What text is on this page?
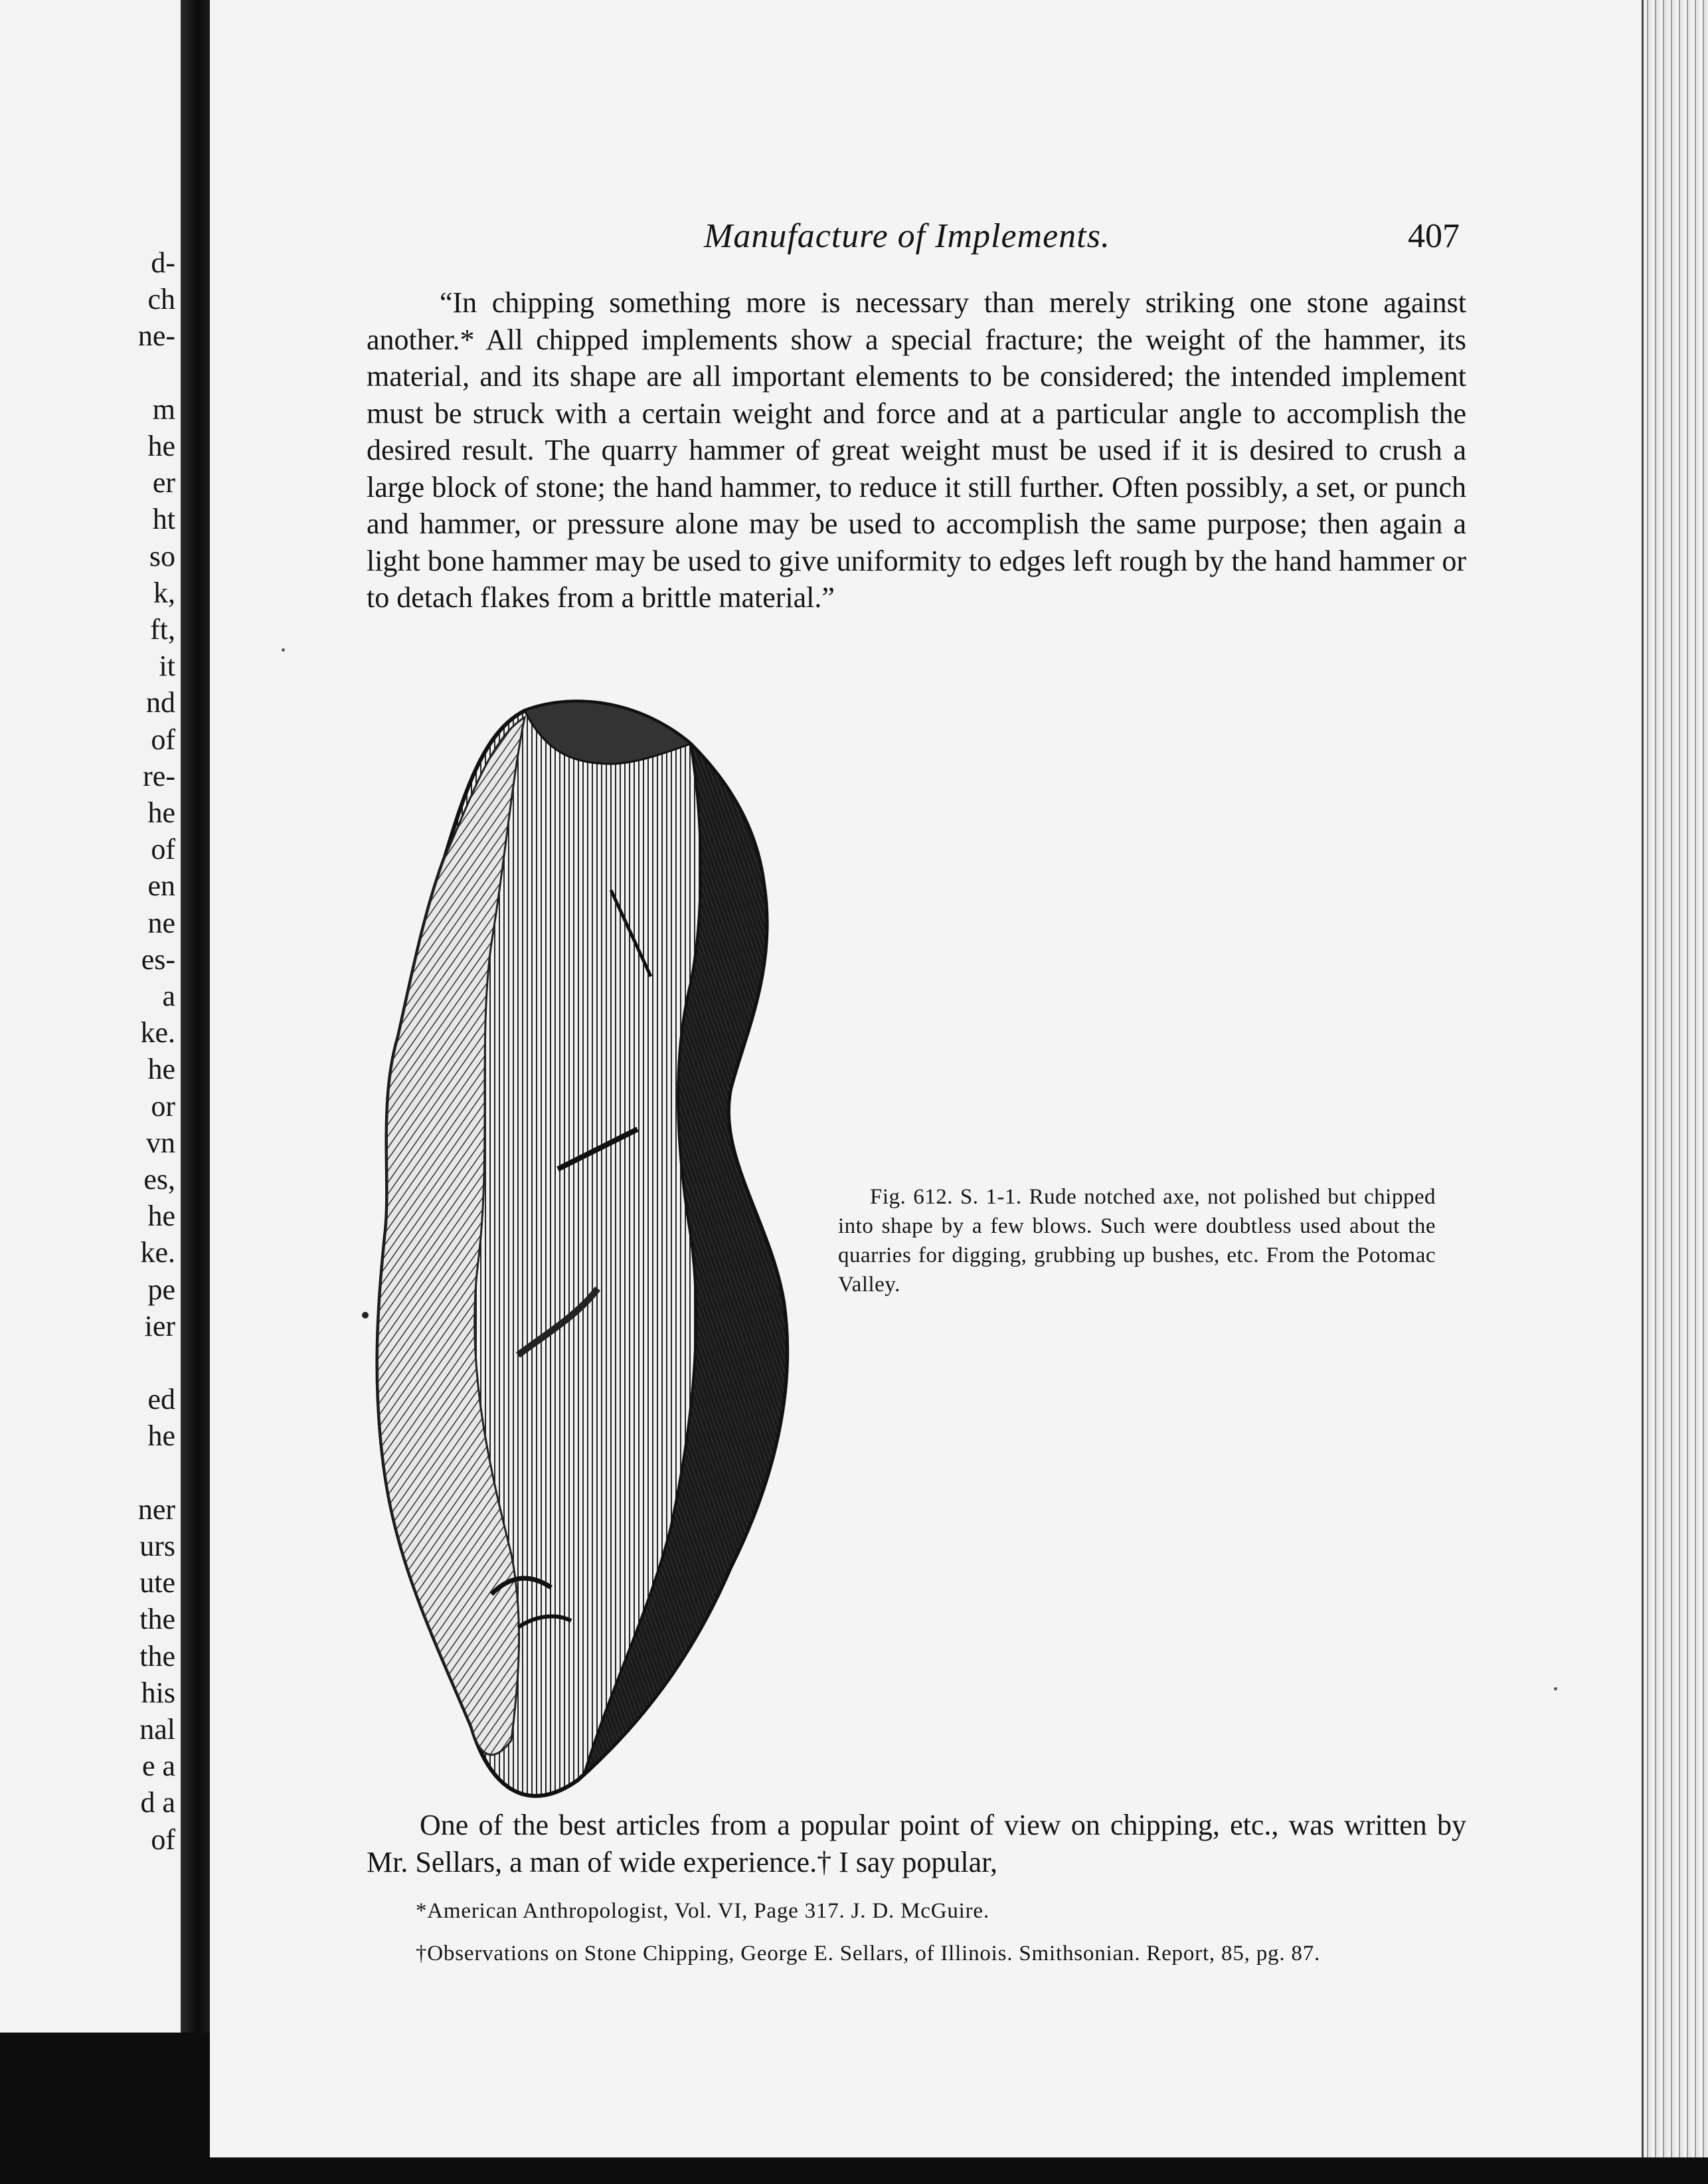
d-
ch
ne-
m
he
er
ht
so
k,
ft,
it
nd
of
re-
he
of
en
ne
es-
a
ke.
he
or
vn
es,
he
ke.
pe
ier
ed
he
ner
urs
ute
the
the
his
nal
e a
d a
of
Manufacture of Implements.	407

“In chipping something more is necessary than merely striking one stone against another.* All chipped implements show a special fracture; the weight of the hammer, its material, and its shape are all important elements to be considered; the intended implement must be struck with a certain weight and force and at a particular angle to accomplish the desired result. The quarry hammer of great weight must be used if it is desired to crush a large block of stone; the hand hammer, to reduce it still further. Often possibly, a set, or punch and hammer, or pressure alone may be used to accomplish the same purpose; then again a light bone hammer may be used to give uniformity to edges left rough by the hand hammer or to detach flakes from a brittle material.”

Fig. 612. S. 1-1. Rude notched axe, not polished but chipped into shape by a few blows. Such were doubtless used about the quarries for digging, grubbing up bushes, etc. From the Potomac Valley.

One of the best articles from a popular point of view on chipping, etc., was written by Mr. Sellars, a man of wide experience.† I say popular,

*American Anthropologist, Vol. VI, Page 317. J. D. McGuire.

†Observations on Stone Chipping, George E. Sellars, of Illinois. Smithsonian. Report, 85, pg. 87.
